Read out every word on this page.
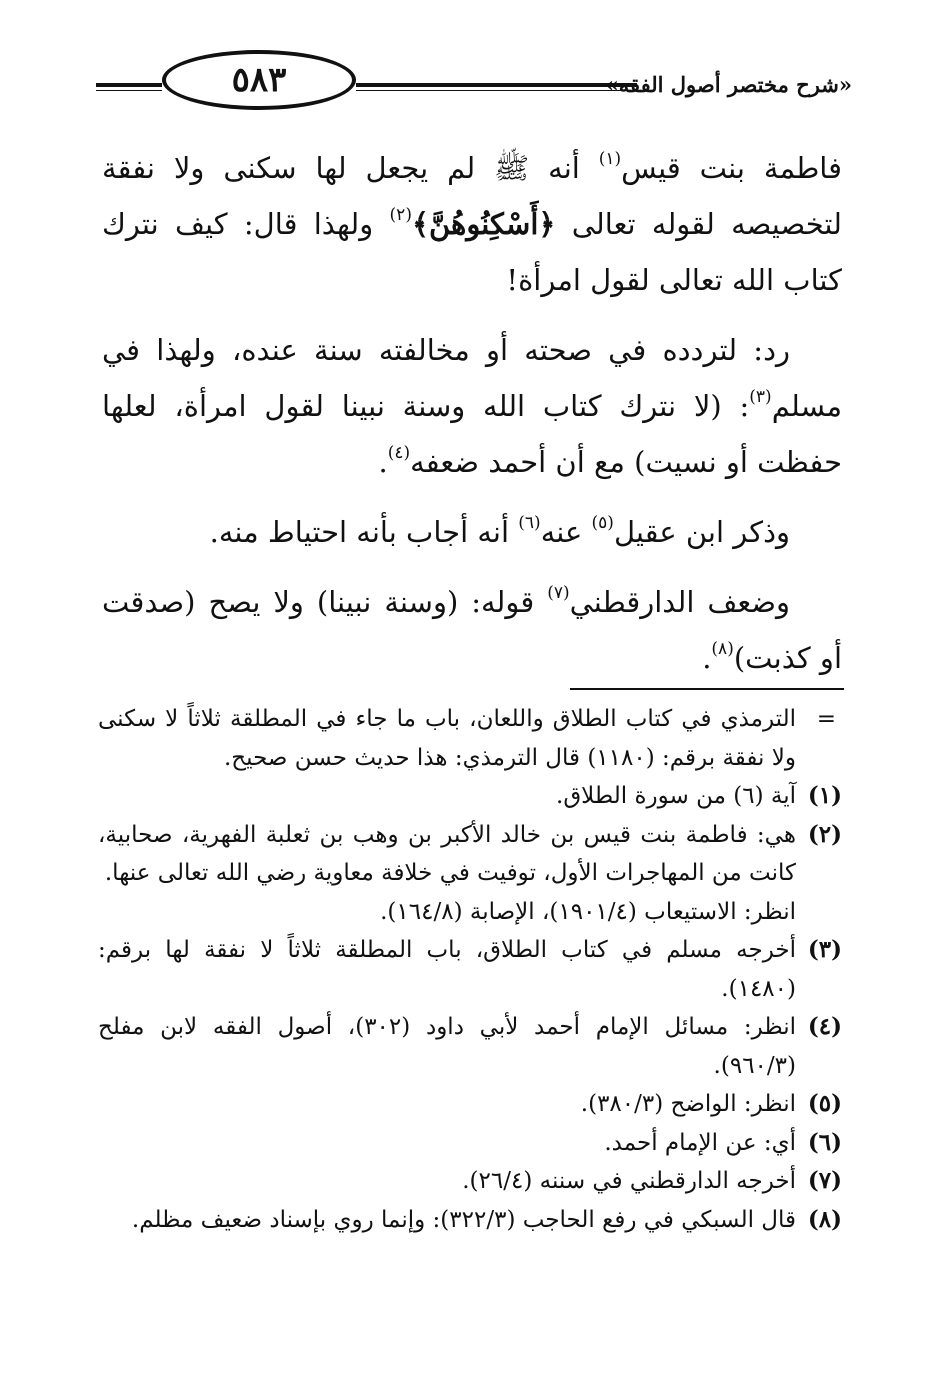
«شرح مختصر أصول الفقه»
٥٨٣

فاطمة بنت قيس$^{(١)}$ أنه ﷺ لم يجعل لها سكنى ولا نفقة لتخصيصه لقوله تعالى ﴿أَسْكِنُوهُنَّ﴾$^{(٢)}$ ولهذا قال: كيف نترك كتاب الله تعالى لقول امرأة!

رد: لتردده في صحته أو مخالفته سنة عنده، ولهذا في مسلم$^{(٣)}$: (لا نترك كتاب الله وسنة نبينا لقول امرأة، لعلها حفظت أو نسيت) مع أن أحمد ضعفه$^{(٤)}$.

وذكر ابن عقيل$^{(٥)}$ عنه$^{(٦)}$ أنه أجاب بأنه احتياط منه.

وضعف الدارقطني$^{(٧)}$ قوله: (وسنة نبينا) ولا يصح (صدقت أو كذبت)$^{(٨)}$.

=
الترمذي في كتاب الطلاق واللعان، باب ما جاء في المطلقة ثلاثاً لا سكنى ولا نفقة برقم: (١١٨٠) قال الترمذي: هذا حديث حسن صحيح.
(١)
آية (٦) من سورة الطلاق.
(٢)
هي: فاطمة بنت قيس بن خالد الأكبر بن وهب بن ثعلبة الفهرية، صحابية، كانت من المهاجرات الأول، توفيت في خلافة معاوية رضي الله تعالى عنها.
انظر: الاستيعاب (١٩٠١/٤)، الإصابة (١٦٤/٨).
(٣)
أخرجه مسلم في كتاب الطلاق، باب المطلقة ثلاثاً لا نفقة لها برقم: (١٤٨٠).
(٤)
انظر: مسائل الإمام أحمد لأبي داود (٣٠٢)، أصول الفقه لابن مفلح (٩٦٠/٣).
(٥)
انظر: الواضح (٣٨٠/٣).
(٦)
أي: عن الإمام أحمد.
(٧)
أخرجه الدارقطني في سننه (٢٦/٤).
(٨)
قال السبكي في رفع الحاجب (٣٢٢/٣): وإنما روي بإسناد ضعيف مظلم.
